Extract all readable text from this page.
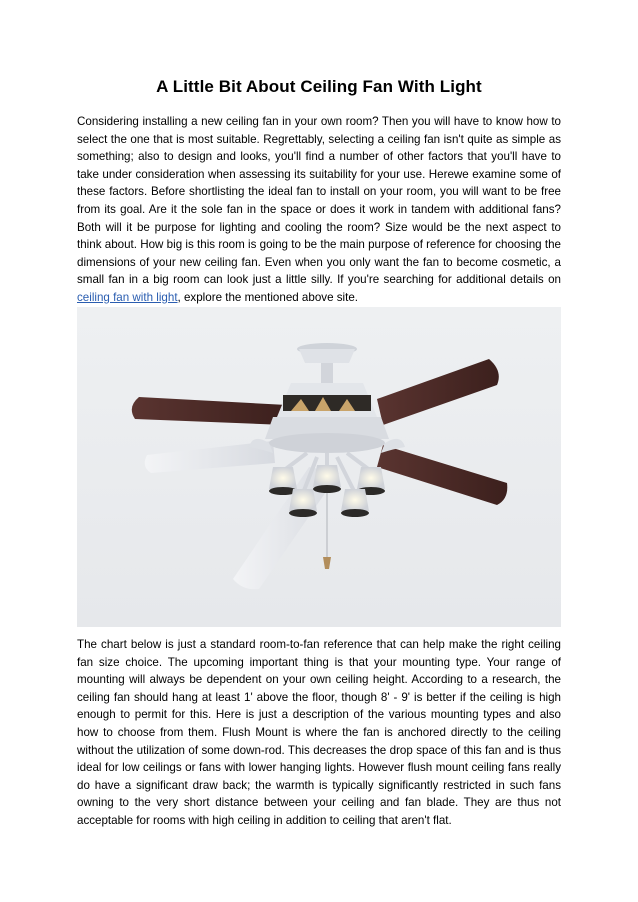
A Little Bit About Ceiling Fan With Light

Considering installing a new ceiling fan in your own room? Then you will have to know how to select the one that is most suitable. Regrettably, selecting a ceiling fan isn't quite as simple as something; also to design and looks, you'll find a number of other factors that you'll have to take under consideration when assessing its suitability for your use. Herewe examine some of these factors. Before shortlisting the ideal fan to install on your room, you will want to be free from its goal. Are it the sole fan in the space or does it work in tandem with additional fans? Both will it be purpose for lighting and cooling the room? Size would be the next aspect to think about. How big is this room is going to be the main purpose of reference for choosing the dimensions of your new ceiling fan. Even when you only want the fan to become cosmetic, a small fan in a big room can look just a little silly. If you're searching for additional details on ceiling fan with light, explore the mentioned above site.

The chart below is just a standard room-to-fan reference that can help make the right ceiling fan size choice. The upcoming important thing is that your mounting type. Your range of mounting will always be dependent on your own ceiling height. According to a research, the ceiling fan should hang at least 1' above the floor, though 8' - 9' is better if the ceiling is high enough to permit for this. Here is just a description of the various mounting types and also how to choose from them. Flush Mount is where the fan is anchored directly to the ceiling without the utilization of some down-rod. This decreases the drop space of this fan and is thus ideal for low ceilings or fans with lower hanging lights. However flush mount ceiling fans really do have a significant draw back; the warmth is typically significantly restricted in such fans owning to the very short distance between your ceiling and fan blade. They are thus not acceptable for rooms with high ceiling in addition to ceiling that aren't flat.
